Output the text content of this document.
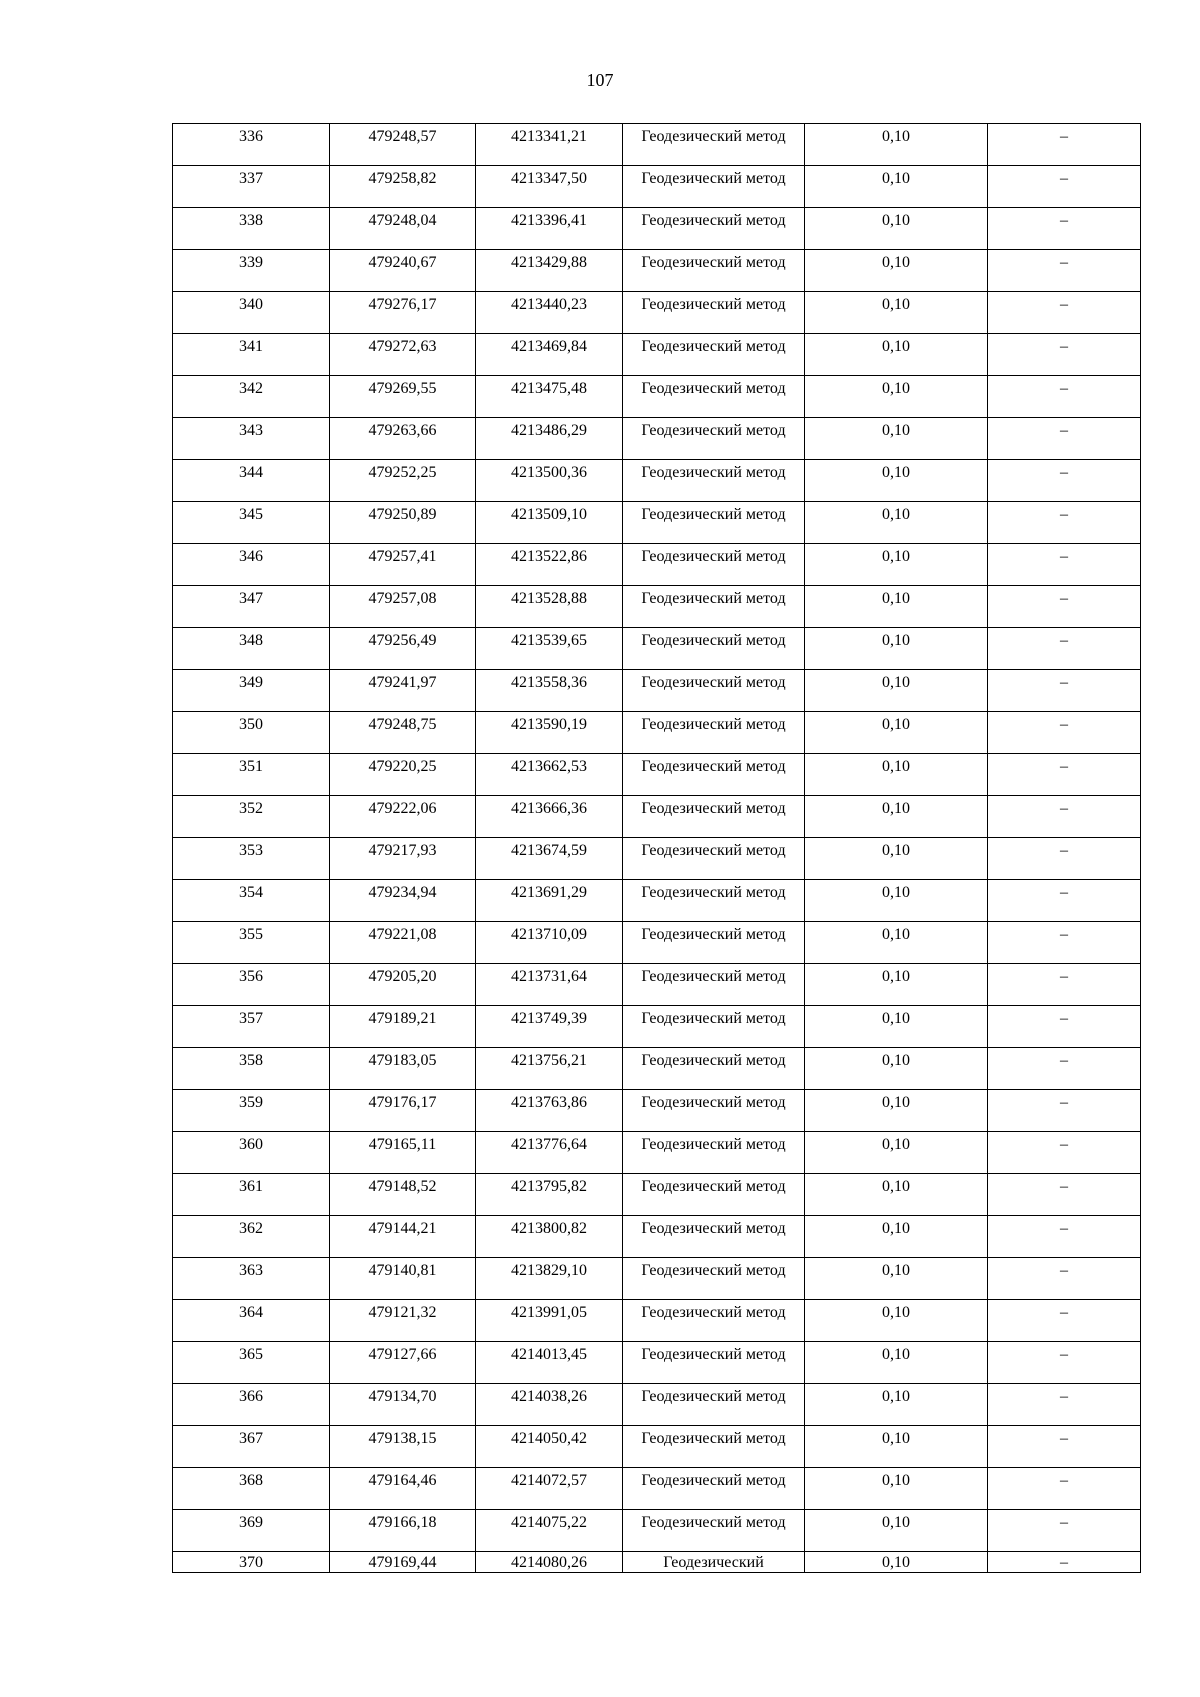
107
336	479248,57	4213341,21	Геодезический метод	0,10	–
337	479258,82	4213347,50	Геодезический метод	0,10	–
338	479248,04	4213396,41	Геодезический метод	0,10	–
339	479240,67	4213429,88	Геодезический метод	0,10	–
340	479276,17	4213440,23	Геодезический метод	0,10	–
341	479272,63	4213469,84	Геодезический метод	0,10	–
342	479269,55	4213475,48	Геодезический метод	0,10	–
343	479263,66	4213486,29	Геодезический метод	0,10	–
344	479252,25	4213500,36	Геодезический метод	0,10	–
345	479250,89	4213509,10	Геодезический метод	0,10	–
346	479257,41	4213522,86	Геодезический метод	0,10	–
347	479257,08	4213528,88	Геодезический метод	0,10	–
348	479256,49	4213539,65	Геодезический метод	0,10	–
349	479241,97	4213558,36	Геодезический метод	0,10	–
350	479248,75	4213590,19	Геодезический метод	0,10	–
351	479220,25	4213662,53	Геодезический метод	0,10	–
352	479222,06	4213666,36	Геодезический метод	0,10	–
353	479217,93	4213674,59	Геодезический метод	0,10	–
354	479234,94	4213691,29	Геодезический метод	0,10	–
355	479221,08	4213710,09	Геодезический метод	0,10	–
356	479205,20	4213731,64	Геодезический метод	0,10	–
357	479189,21	4213749,39	Геодезический метод	0,10	–
358	479183,05	4213756,21	Геодезический метод	0,10	–
359	479176,17	4213763,86	Геодезический метод	0,10	–
360	479165,11	4213776,64	Геодезический метод	0,10	–
361	479148,52	4213795,82	Геодезический метод	0,10	–
362	479144,21	4213800,82	Геодезический метод	0,10	–
363	479140,81	4213829,10	Геодезический метод	0,10	–
364	479121,32	4213991,05	Геодезический метод	0,10	–
365	479127,66	4214013,45	Геодезический метод	0,10	–
366	479134,70	4214038,26	Геодезический метод	0,10	–
367	479138,15	4214050,42	Геодезический метод	0,10	–
368	479164,46	4214072,57	Геодезический метод	0,10	–
369	479166,18	4214075,22	Геодезический метод	0,10	–
370	479169,44	4214080,26	Геодезический	0,10	–
